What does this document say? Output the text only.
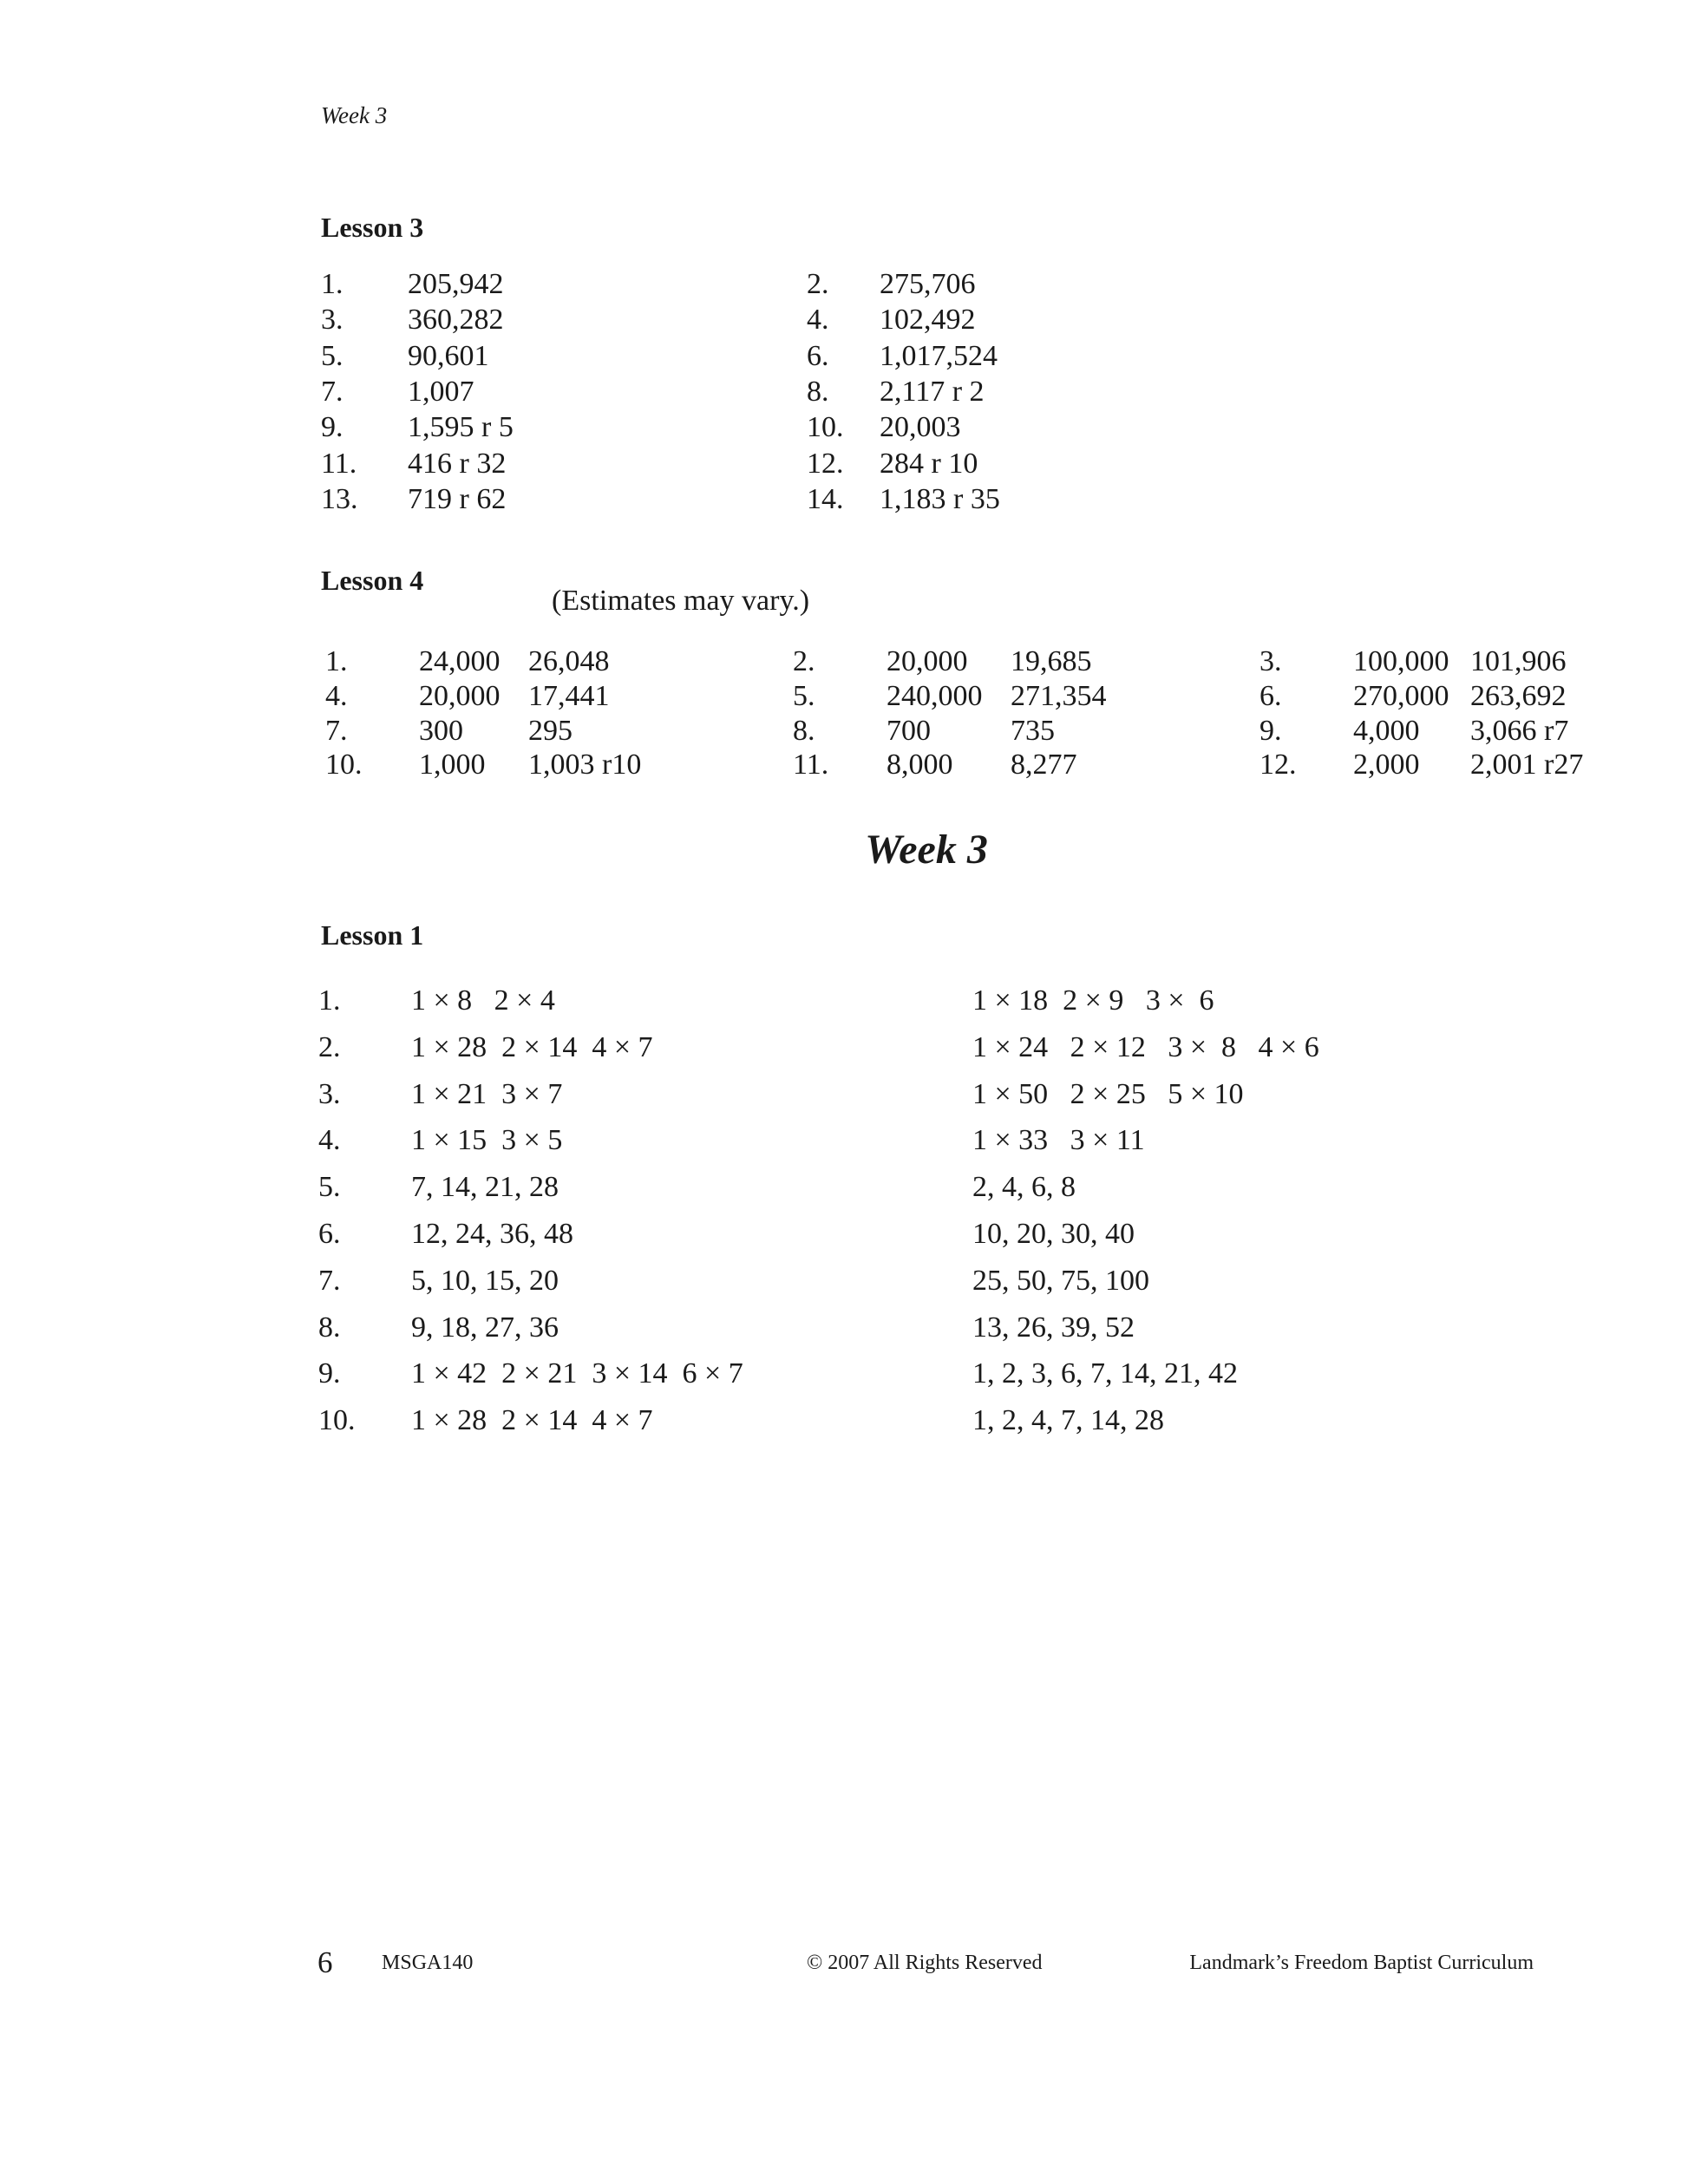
Week 3
Lesson 3
1. 205,942	2. 275,706
3. 360,282	4. 102,492
5. 90,601	6. 1,017,524
7. 1,007	8. 2,117 r 2
9. 1,595 r 5	10. 20,003
11. 416 r 32	12. 284 r 10
13. 719 r 62	14. 1,183 r 35
Lesson 4
(Estimates may vary.)
1. 24,000 26,048	2. 20,000 19,685	3. 100,000 101,906
4. 20,000 17,441	5. 240,000 271,354	6. 270,000 263,692
7. 300 295	8. 700	735	9. 4,000 3,066 r7
10. 1,000 1,003 r10	11. 8,000 8,277	12. 2,000 2,001 r27
Week 3
Lesson 1
1. 1 × 8   2 × 4	1 × 18  2 × 9   3 ×  6
2. 1 × 28  2 × 14  4 × 7	1 × 24   2 × 12   3 ×  8   4 × 6
3. 1 × 21  3 × 7	1 × 50   2 × 25   5 × 10
4. 1 × 15  3 × 5	1 × 33   3 × 11
5. 7, 14, 21, 28	2, 4, 6, 8
6. 12, 24, 36, 48	10, 20, 30, 40
7. 5, 10, 15, 20	25, 50, 75, 100
8. 9, 18, 27, 36	13, 26, 39, 52
9. 1 × 42  2 × 21  3 × 14  6 × 7	1, 2, 3, 6, 7, 14, 21, 42
10. 1 × 28  2 × 14  4 × 7	1, 2, 4, 7, 14, 28
6 MSGA140	© 2007 All Rights Reserved	Landmark’s Freedom Baptist Curriculum
